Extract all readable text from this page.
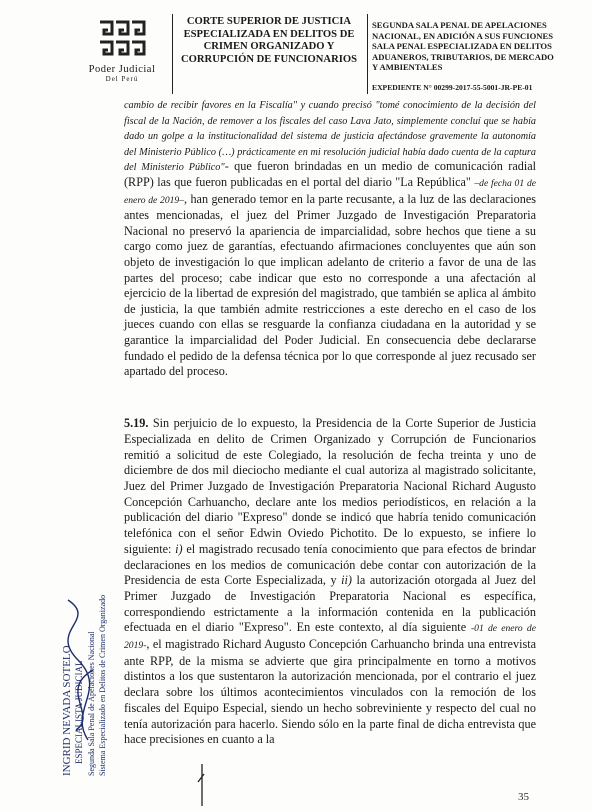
Poder Judicial
Del Perú
CORTE SUPERIOR DE JUSTICIA ESPECIALIZADA EN DELITOS DE CRIMEN ORGANIZADO Y CORRUPCIÓN DE FUNCIONARIOS
SEGUNDA SALA PENAL DE APELACIONES NACIONAL, EN ADICIÓN A SUS FUNCIONES SALA PENAL ESPECIALIZADA EN DELITOS ADUANEROS, TRIBUTARIOS, DE MERCADO Y AMBIENTALES
EXPEDIENTE N° 00299-2017-55-5001-JR-PE-01

cambio de recibir favores en la Fiscalía" y cuando precisó "tomé conocimiento de la decisión del fiscal de la Nación, de remover a los fiscales del caso Lava Jato, simplemente concluí que se había dado un golpe a la institucionalidad del sistema de justicia afectándose gravemente la autonomía del Ministerio Público (…) prácticamente en mi resolución judicial había dado cuenta de la captura del Ministerio Público"- que fueron brindadas en un medio de comunicación radial (RPP) las que fueron publicadas en el portal del diario "La República" –de fecha 01 de enero de 2019–, han generado temor en la parte recusante, a la luz de las declaraciones antes mencionadas, el juez del Primer Juzgado de Investigación Preparatoria Nacional no preservó la apariencia de imparcialidad, sobre hechos que tiene a su cargo como juez de garantías, efectuando afirmaciones concluyentes que aún son objeto de investigación lo que implican adelanto de criterio a favor de una de las partes del proceso; cabe indicar que esto no corresponde a una afectación al ejercicio de la libertad de expresión del magistrado, que también se aplica al ámbito de justicia, la que también admite restricciones a este derecho en el caso de los jueces cuando con ellas se resguarde la confianza ciudadana en la autoridad y se garantice la imparcialidad del Poder Judicial. En consecuencia debe declararse fundado el pedido de la defensa técnica por lo que corresponde al juez recusado ser apartado del proceso.

5.19. Sin perjuicio de lo expuesto, la Presidencia de la Corte Superior de Justicia Especializada en delito de Crimen Organizado y Corrupción de Funcionarios remitió a solicitud de este Colegiado, la resolución de fecha treinta y uno de diciembre de dos mil dieciocho mediante el cual autoriza al magistrado solicitante, Juez del Primer Juzgado de Investigación Preparatoria Nacional Richard Augusto Concepción Carhuancho, declare ante los medios periodísticos, en relación a la publicación del diario "Expreso" donde se indicó que habría tenido comunicación telefónica con el señor Edwin Oviedo Pichotito. De lo expuesto, se infiere lo siguiente: i) el magistrado recusado tenía conocimiento que para efectos de brindar declaraciones en los medios de comunicación debe contar con autorización de la Presidencia de esta Corte Especializada, y ii) la autorización otorgada al Juez del Primer Juzgado de Investigación Preparatoria Nacional es específica, correspondiendo estrictamente a la información contenida en la publicación efectuada en el diario "Expreso". En este contexto, al día siguiente -01 de enero de 2019-, el magistrado Richard Augusto Concepción Carhuancho brinda una entrevista ante RPP, de la misma se advierte que gira principalmente en torno a motivos distintos a los que sustentaron la autorización mencionada, por el contrario el juez declara sobre los últimos acontecimientos vinculados con la remoción de los fiscales del Equipo Especial, siendo un hecho sobreviniente y respecto del cual no tenía autorización para hacerlo. Siendo sólo en la parte final de dicha entrevista que hace precisiones en cuanto a la

INGRID NEVADA SOTELO ESPECIALISTA JUDICIAL Segunda Sala Penal de Apelaciones Nacional Sistema Especializado en Delitos de Crimen Organizado
35
